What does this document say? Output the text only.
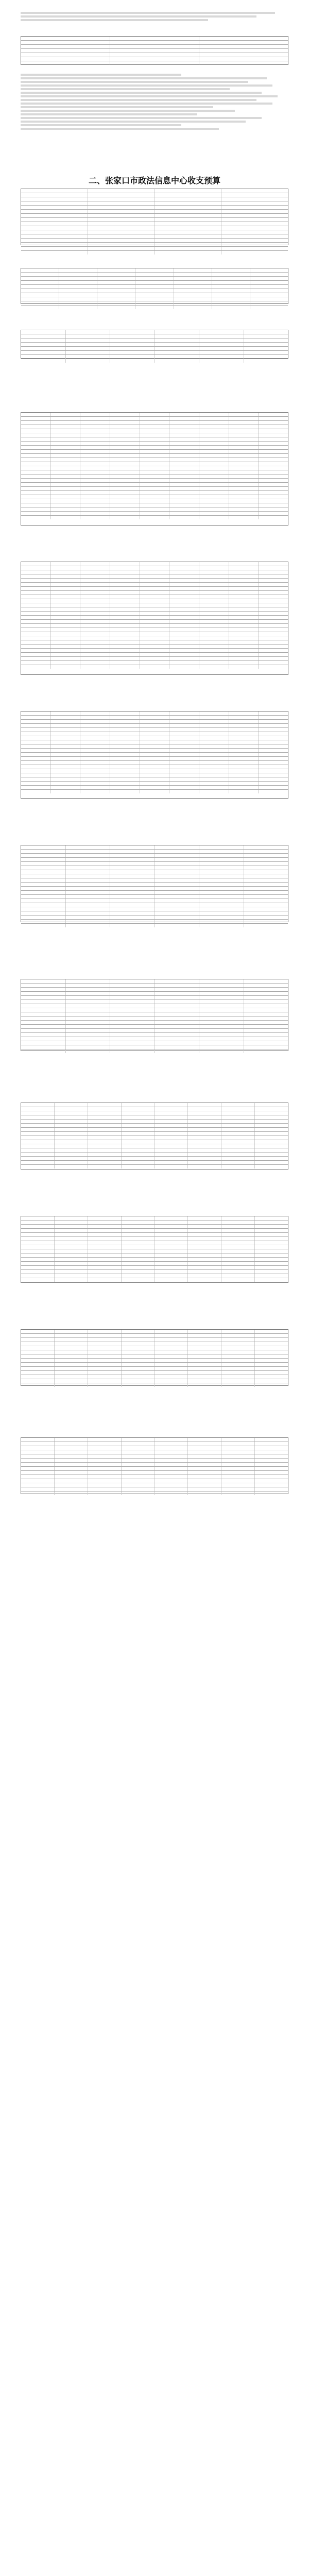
二、张家口市政法信息中心收支预算
